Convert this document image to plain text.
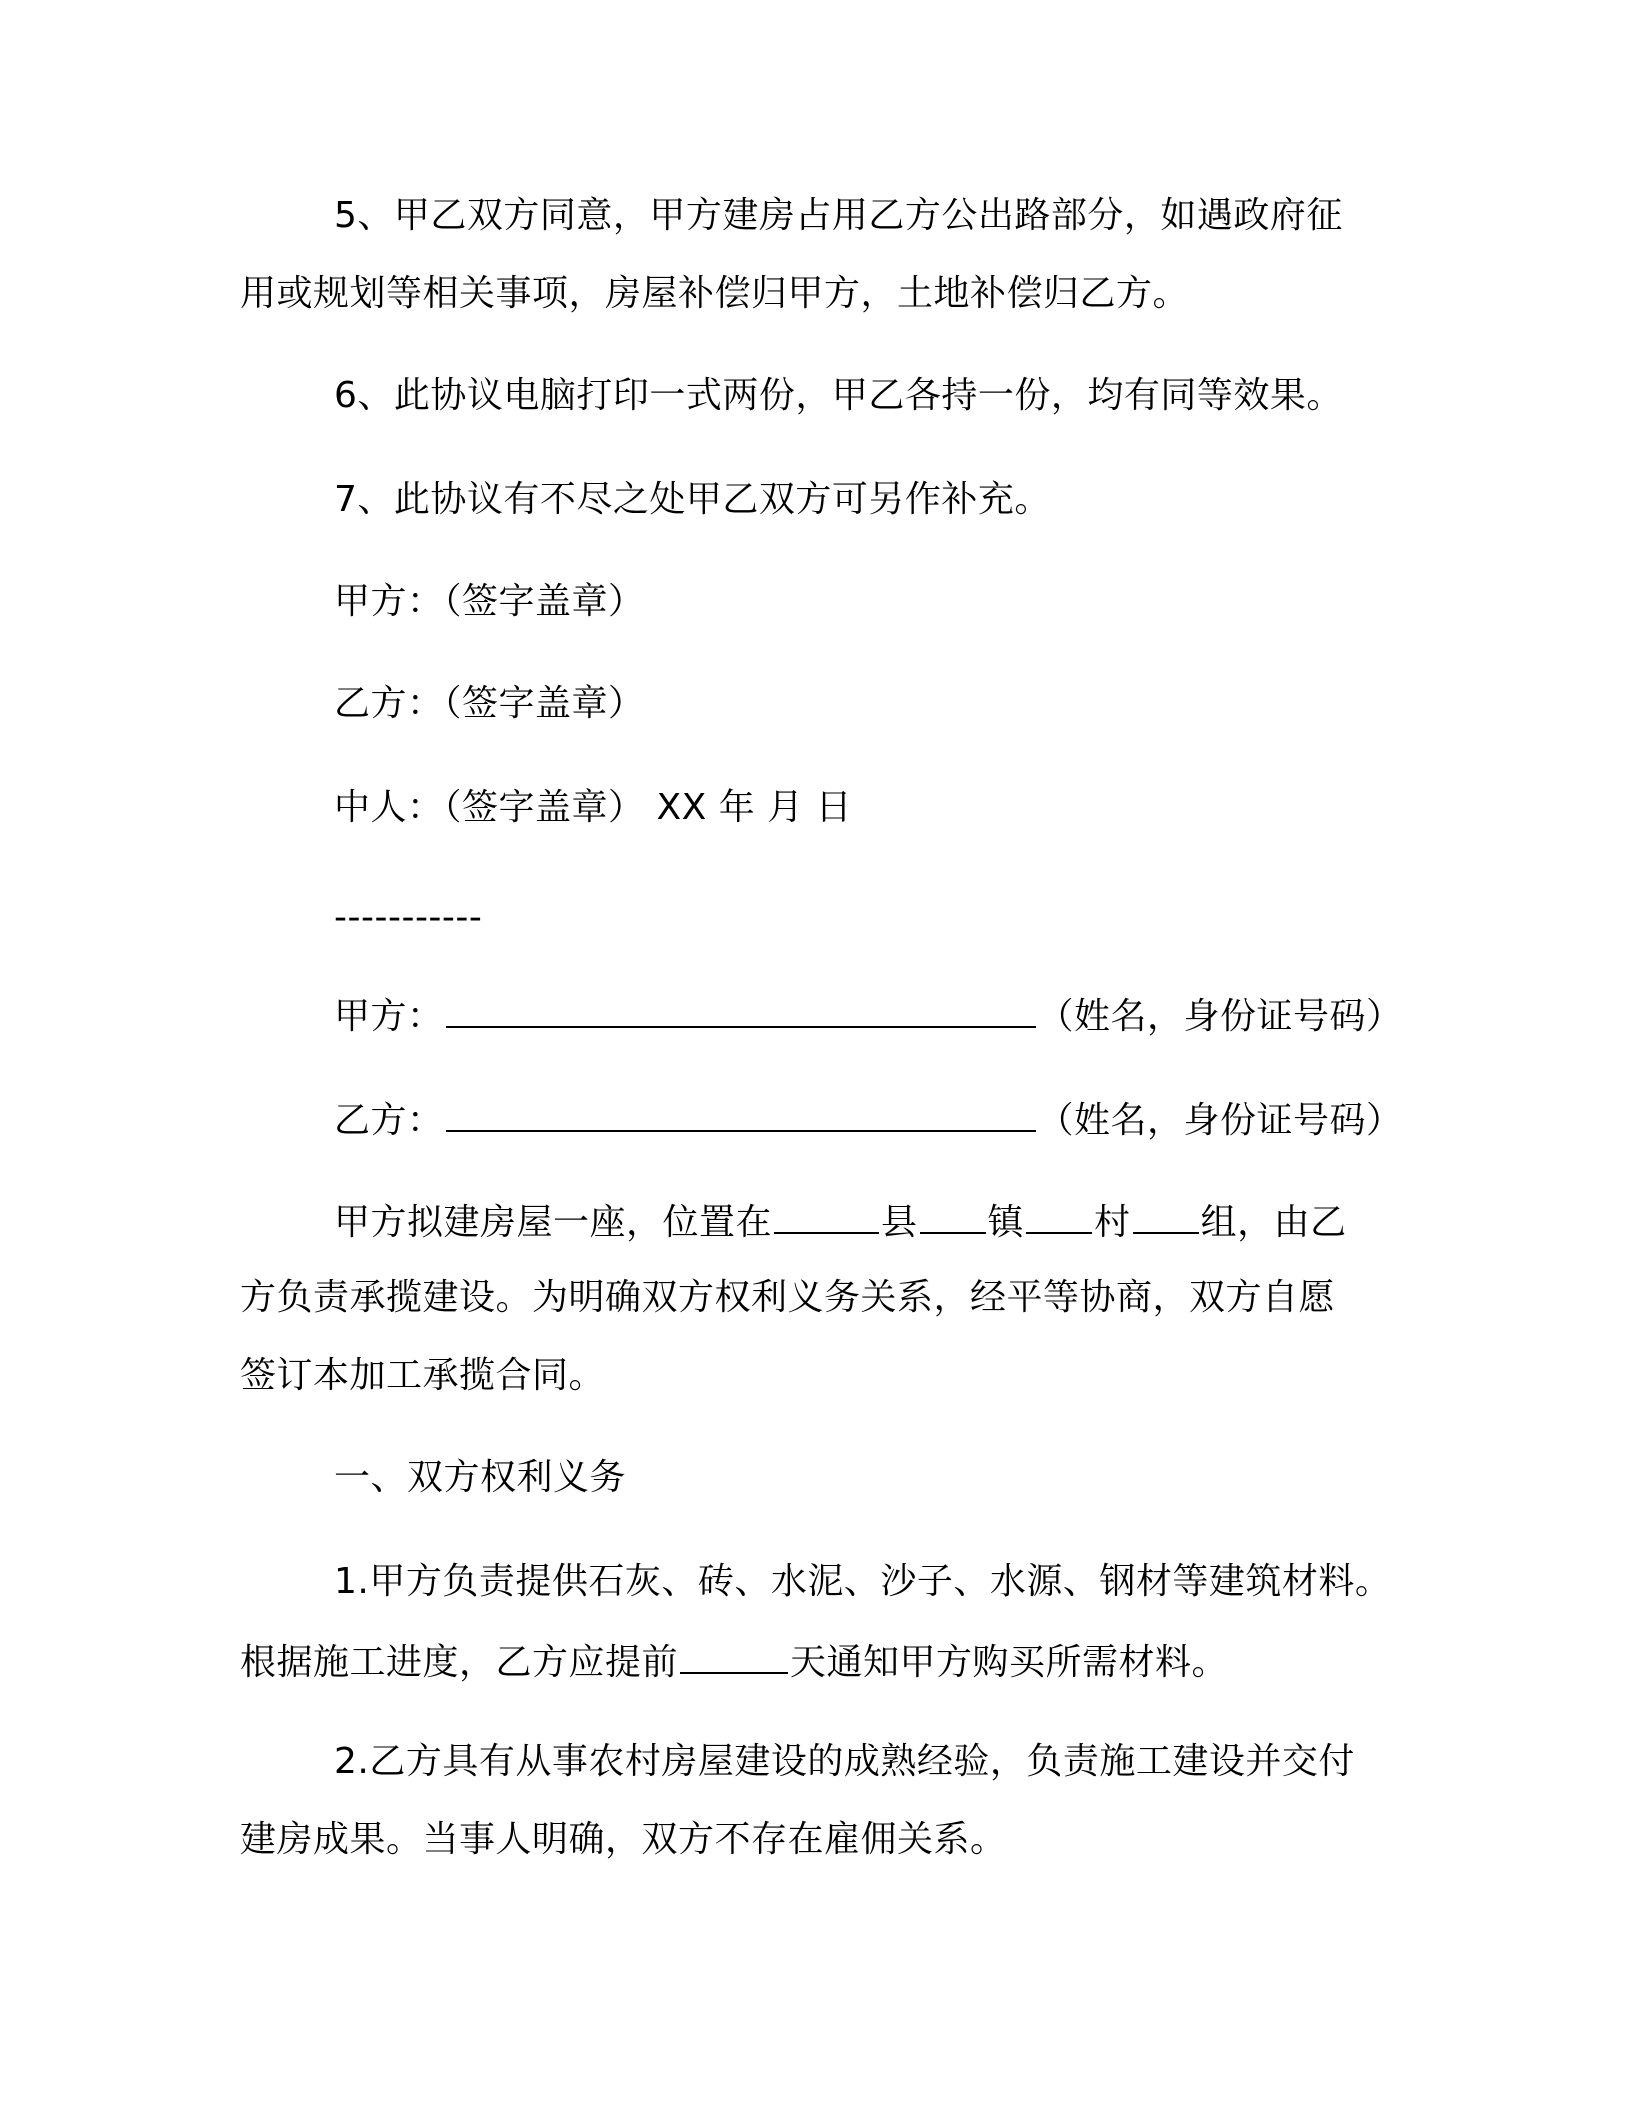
5、甲乙双方同意，甲方建房占用乙方公出路部分，如遇政府征
用或规划等相关事项，房屋补偿归甲方，土地补偿归乙方。
6、此协议电脑打印一式两份，甲乙各持一份，均有同等效果。
7、此协议有不尽之处甲乙双方可另作补充。
甲方：（签字盖章）
乙方：（签字盖章）
中人：（签字盖章） XX 年 月 日
-----------
甲方：	（姓名，身份证号码）
乙方：	（姓名，身份证号码）
甲方拟建房屋一座，位置在	县 镇 村 组，由乙
方负责承揽建设。为明确双方权利义务关系，经平等协商，双方自愿
签订本加工承揽合同。
一、双方权利义务
1.甲方负责提供石灰、砖、水泥、沙子、水源、钢材等建筑材料。
根据施工进度，乙方应提前	天通知甲方购买所需材料。
2.乙方具有从事农村房屋建设的成熟经验，负责施工建设并交付
建房成果。当事人明确，双方不存在雇佣关系。
